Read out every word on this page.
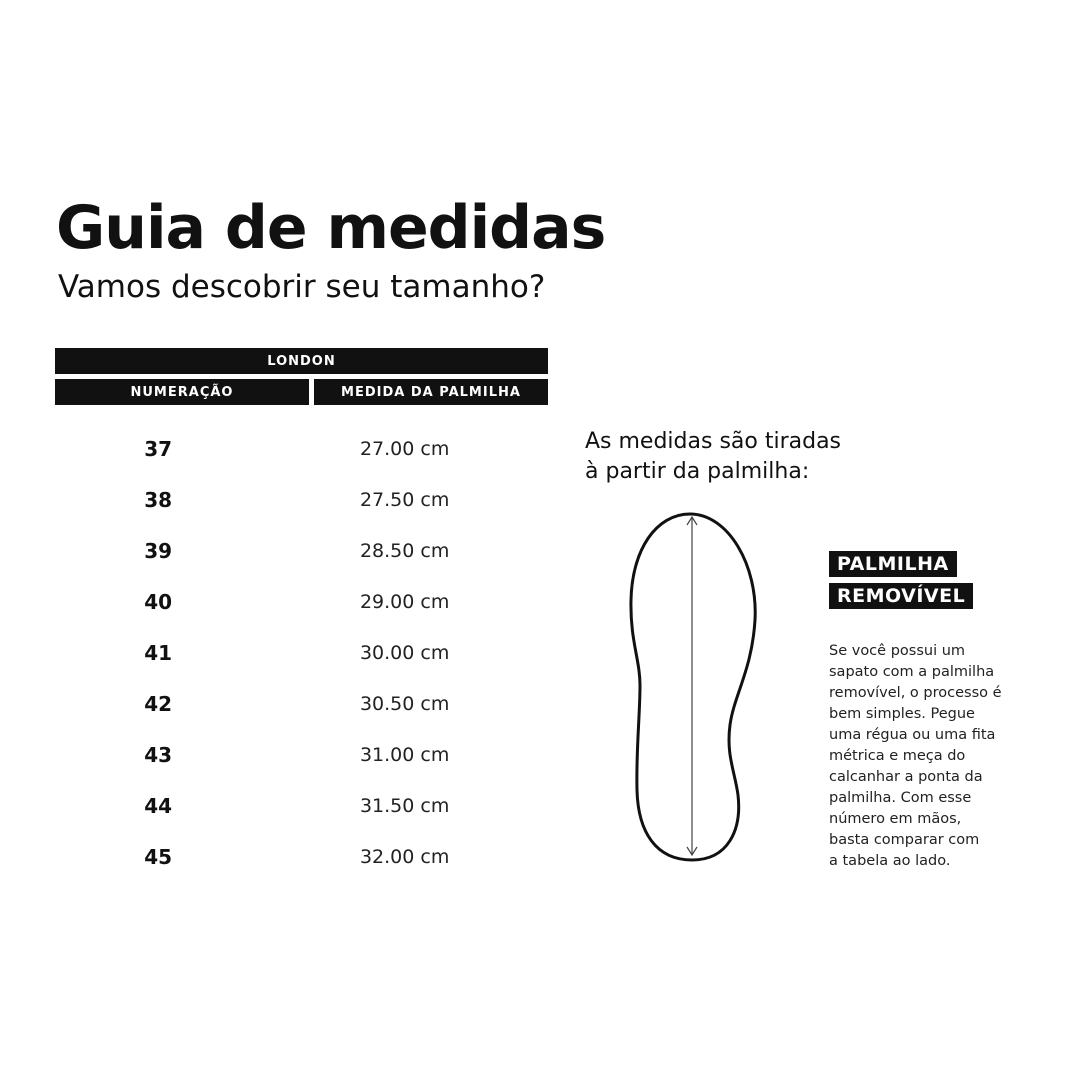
Guia de medidas
Vamos descobrir seu tamanho?
LONDON
NUMERAÇÃO	MEDIDA DA PALMILHA
37	27.00 cm
38	27.50 cm
39	28.50 cm
40	29.00 cm
41	30.00 cm
42	30.50 cm
43	31.00 cm
44	31.50 cm
45	32.00 cm
As medidas são tiradas
à partir da palmilha:
PALMILHA
REMOVÍVEL
Se você possui um
sapato com a palmilha
removível, o processo é
bem simples. Pegue
uma régua ou uma fita
métrica e meça do
calcanhar a ponta da
palmilha. Com esse
número em mãos,
basta comparar com
a tabela ao lado.
